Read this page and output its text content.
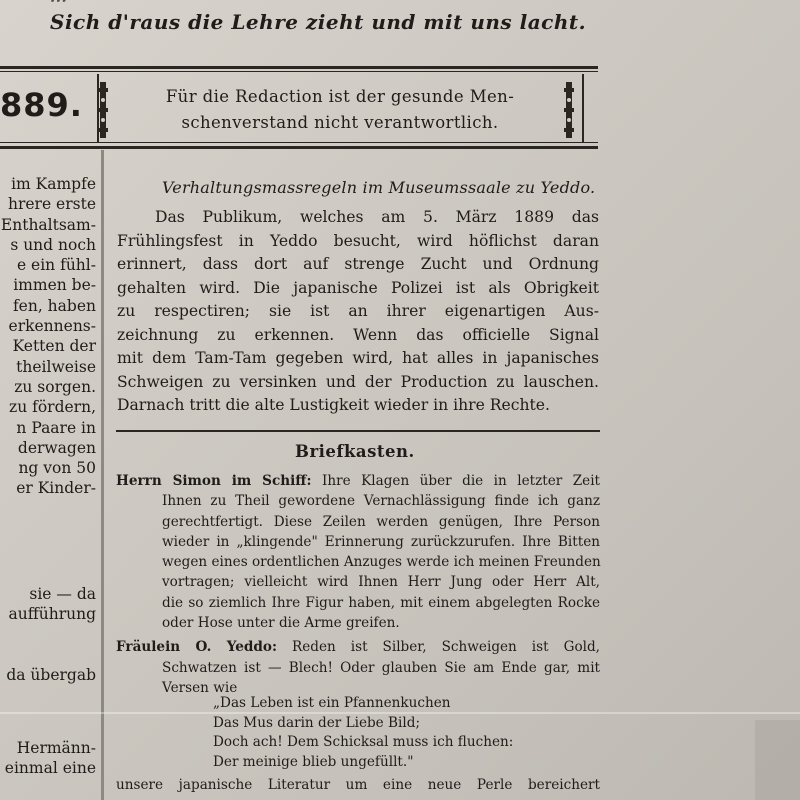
Sich d'raus die Lehre zieht und mit uns lacht.
889.	Für die Redaction ist der gesunde Men-
schenverstand nicht verantwortlich.
im Kampfe
hrere erste
Enthaltsam-
s und noch
e ein fühl-
immen be-
fen, haben
erkennens-
Ketten der
theilweise
zu sorgen.
zu fördern,
n Paare in
derwagen
ng von 50
er Kinder-
sie — da
aufführung
da übergab
Hermänn-
einmal eine
Verhaltungsmassregeln im Museumssaale zu Yeddo.
Das Publikum, welches am 5. März 1889 das
Frühlingsfest in Yeddo besucht, wird höflichst daran
erinnert, dass dort auf strenge Zucht und Ordnung
gehalten wird. Die japanische Polizei ist als Obrigkeit
zu respectiren; sie ist an ihrer eigenartigen Aus-
zeichnung zu erkennen. Wenn das officielle Signal
mit dem Tam-Tam gegeben wird, hat alles in japanisches
Schweigen zu versinken und der Production zu lauschen.
Darnach tritt die alte Lustigkeit wieder in ihre Rechte.
Briefkasten.
Herrn Simon im Schiff: Ihre Klagen über die in letzter Zeit
Ihnen zu Theil gewordene Vernachlässigung finde ich ganz
gerechtfertigt. Diese Zeilen werden genügen, Ihre Person
wieder in „klingende" Erinnerung zurückzurufen. Ihre Bitten
wegen eines ordentlichen Anzuges werde ich meinen Freunden
vortragen; vielleicht wird Ihnen Herr Jung oder Herr Alt,
die so ziemlich Ihre Figur haben, mit einem abgelegten Rocke
oder Hose unter die Arme greifen.
Fräulein O. Yeddo: Reden ist Silber, Schweigen ist Gold,
Schwatzen ist — Blech! Oder glauben Sie am Ende gar, mit
Versen wie
„Das Leben ist ein Pfannenkuchen
Das Mus darin der Liebe Bild;
Doch ach! Dem Schicksal muss ich fluchen:
Der meinige blieb ungefüllt."
unsere japanische Literatur um eine neue Perle bereichert
